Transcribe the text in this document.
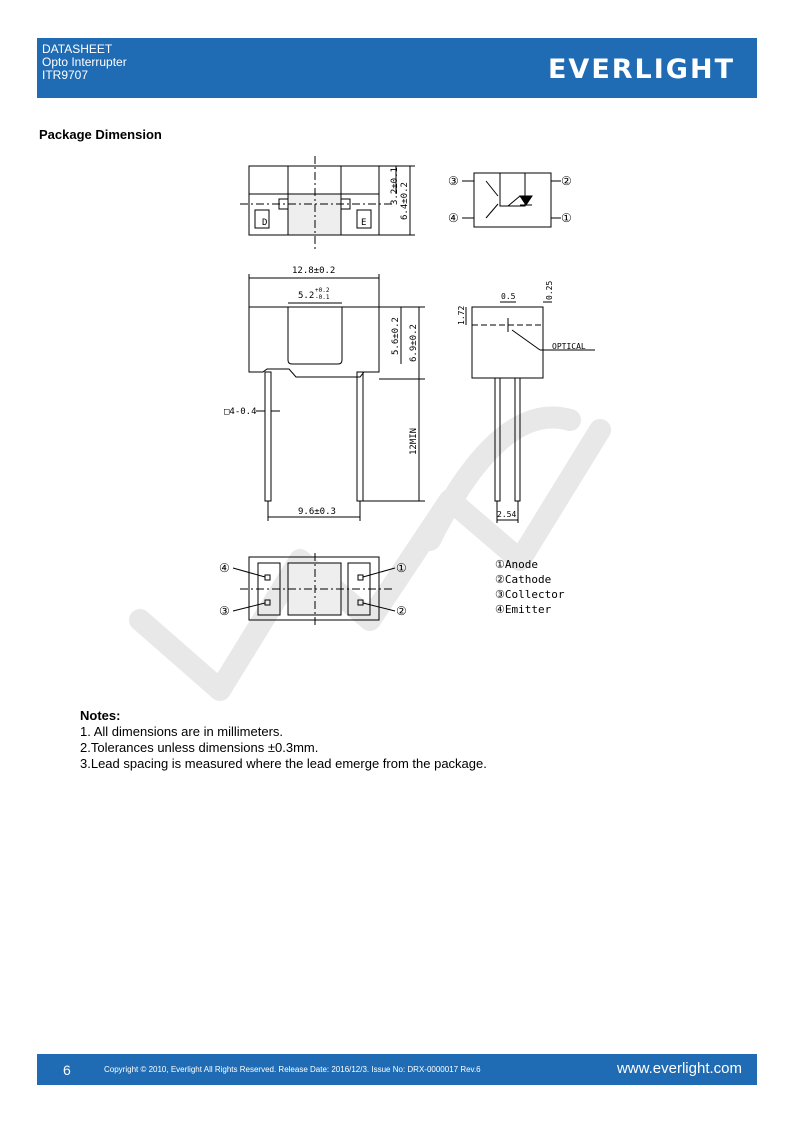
DATASHEET
Opto Interrupter
ITR9707	EVERLIGHT
Package Dimension
D	E
3.2±0.1 6.4±0.2
③
④
②
①
12.8±0.2
5.2
+0.2
-0.1
5.6±0.2 6.9±0.2
□4-0.4
12MIN
9.6±0.3
1.72
0.5	0.25
OPTICAL
2.54
④
③
①
②
①Anode
②Cathode
③Collector
④Emitter
Notes:
1. All dimensions are in millimeters.
2.Tolerances unless dimensions ±0.3mm.
3.Lead spacing is measured where the lead emerge from the package.
6	Copyright © 2010, Everlight All Rights Reserved. Release Date: 2016/12/3. Issue No: DRX-0000017 Rev.6	www.everlight.com
